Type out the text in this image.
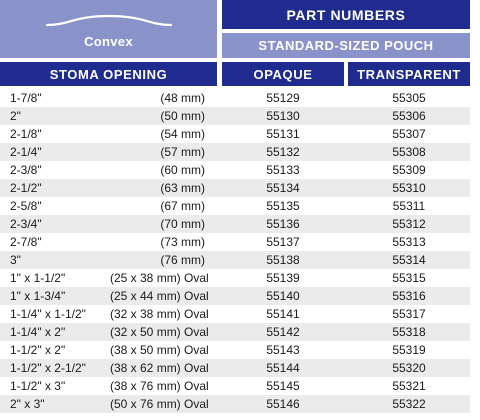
Convex
PART NUMBERS
STANDARD-SIZED POUCH
STOMA OPENING	OPAQUE	TRANSPARENT
1-7/8"	(48 mm)	55129	55305
2"	(50 mm)	55130	55306
2-1/8"	(54 mm)	55131	55307
2-1/4"	(57 mm)	55132	55308
2-3/8"	(60 mm)	55133	55309
2-1/2"	(63 mm)	55134	55310
2-5/8"	(67 mm)	55135	55311
2-3/4"	(70 mm)	55136	55312
2-7/8"	(73 mm)	55137	55313
3"	(76 mm)	55138	55314
1" x 1-1/2"	(25 x 38 mm) Oval	55139	55315
1" x 1-3/4"	(25 x 44 mm) Oval	55140	55316
1-1/4" x 1-1/2" (32 x 38 mm) Oval	55141	55317
1-1/4" x 2"	(32 x 50 mm) Oval	55142	55318
1-1/2" x 2"	(38 x 50 mm) Oval	55143	55319
1-1/2" x 2-1/2" (38 x 62 mm) Oval	55144	55320
1-1/2" x 3"	(38 x 76 mm) Oval	55145	55321
2" x 3"	(50 x 76 mm) Oval	55146	55322
